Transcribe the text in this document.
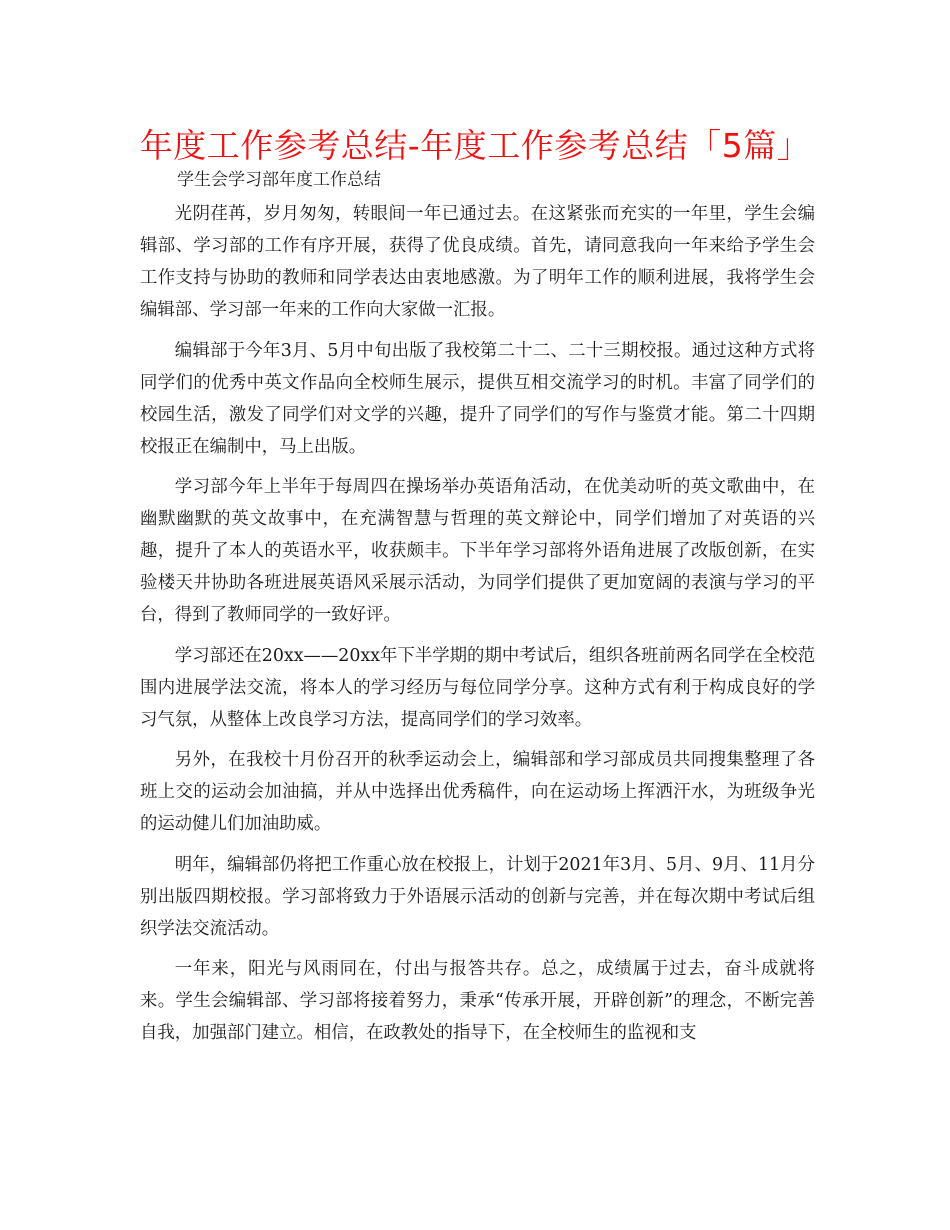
年度工作参考总结-年度工作参考总结「5篇」
学生会学习部年度工作总结

光阴荏苒，岁月匆匆，转眼间一年已通过去。在这紧张而充实的一年里，学生会编辑部、学习部的工作有序开展，获得了优良成绩。首先，请同意我向一年来给予学生会工作支持与协助的教师和同学表达由衷地感激。为了明年工作的顺利进展，我将学生会编辑部、学习部一年来的工作向大家做一汇报。

编辑部于今年3月、5月中旬出版了我校第二十二、二十三期校报。通过这种方式将同学们的优秀中英文作品向全校师生展示，提供互相交流学习的时机。丰富了同学们的校园生活，激发了同学们对文学的兴趣，提升了同学们的写作与鉴赏才能。第二十四期校报正在编制中，马上出版。

学习部今年上半年于每周四在操场举办英语角活动，在优美动听的英文歌曲中，在幽默幽默的英文故事中，在充满智慧与哲理的英文辩论中，同学们增加了对英语的兴趣，提升了本人的英语水平，收获颇丰。下半年学习部将外语角进展了改版创新，在实验楼天井协助各班进展英语风采展示活动，为同学们提供了更加宽阔的表演与学习的平台，得到了教师同学的一致好评。

学习部还在20xx——20xx年下半学期的期中考试后，组织各班前两名同学在全校范围内进展学法交流，将本人的学习经历与每位同学分享。这种方式有利于构成良好的学习气氛，从整体上改良学习方法，提高同学们的学习效率。

另外，在我校十月份召开的秋季运动会上，编辑部和学习部成员共同搜集整理了各班上交的运动会加油搞，并从中选择出优秀稿件，向在运动场上挥洒汗水，为班级争光的运动健儿们加油助威。

明年，编辑部仍将把工作重心放在校报上，计划于2021年3月、5月、9月、11月分别出版四期校报。学习部将致力于外语展示活动的创新与完善，并在每次期中考试后组织学法交流活动。

一年来，阳光与风雨同在，付出与报答共存。总之，成绩属于过去，奋斗成就将来。学生会编辑部、学习部将接着努力，秉承“传承开展，开辟创新”的理念，不断完善自我，加强部门建立。相信，在政教处的指导下，在全校师生的监视和支
